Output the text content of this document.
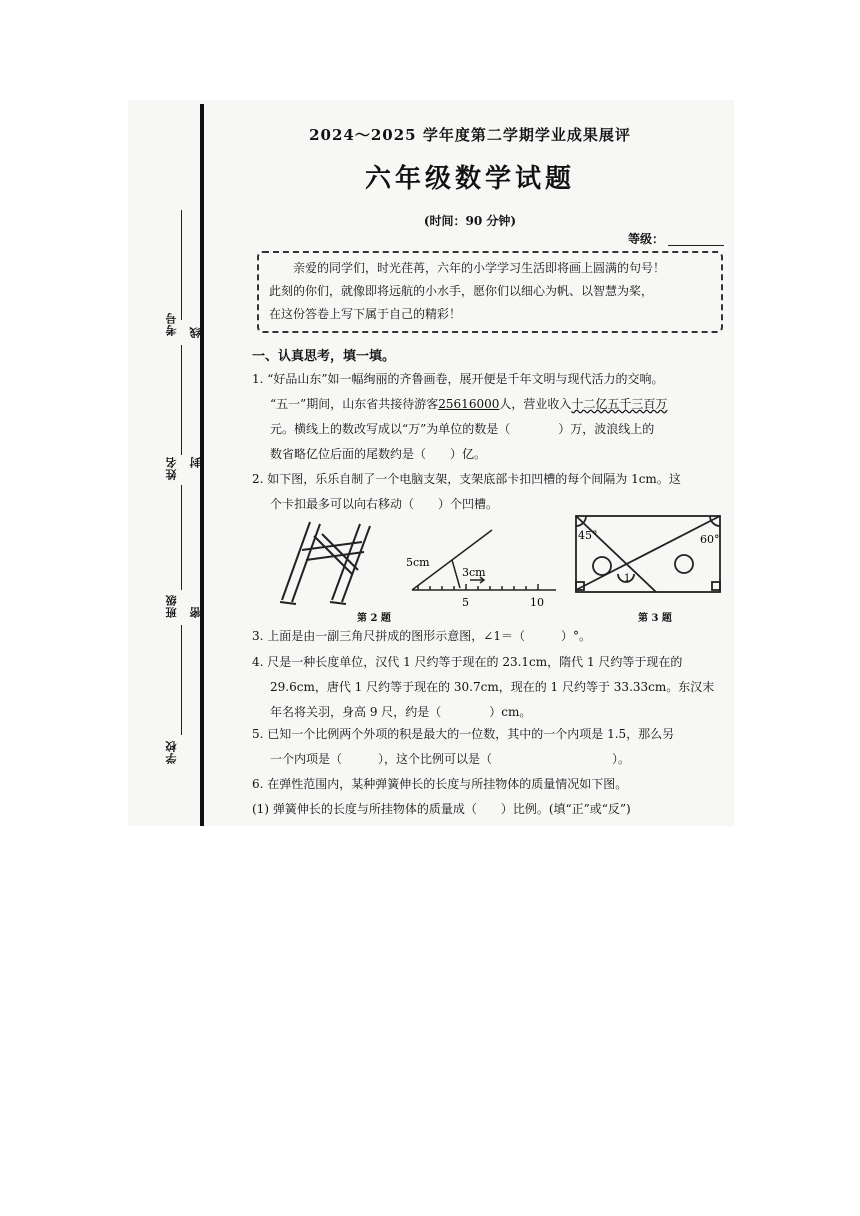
考号 线
姓名 封
班级 密
学校
2024～2025 学年度第二学期学业成果展评
六年级数学试题
(时间：90 分钟)
等级：

亲爱的同学们，时光荏苒，六年的小学学习生活即将画上圆满的句号！

此刻的你们，就像即将远航的小水手，愿你们以细心为帆、以智慧为桨，

在这份答卷上写下属于自己的精彩！

一、认真思考，填一填。
1. “好品山东”如一幅绚丽的齐鲁画卷，展开便是千年文明与现代活力的交响。
“五一”期间，山东省共接待游客25616000人，营业收入十二亿五千三百万
元。横线上的数改写成以“万”为单位的数是（　　　　）万，波浪线上的
数省略亿位后面的尾数约是（　　）亿。
2. 如下图，乐乐自制了一个电脑支架，支架底部卡扣凹槽的每个间隔为 1cm。这
个卡扣最多可以向右移动（　　）个凹槽。
5cm
3cm
5	10
第 2 题
45°	60°
1
第 3 题
3. 上面是由一副三角尺拼成的图形示意图，∠1＝（　　　）°。
4. 尺是一种长度单位，汉代 1 尺约等于现在的 23.1cm，隋代 1 尺约等于现在的
29.6cm，唐代 1 尺约等于现在的 30.7cm，现在的 1 尺约等于 33.33cm。东汉末
年名将关羽，身高 9 尺，约是（　　　　）cm。
5. 已知一个比例两个外项的积是最大的一位数，其中的一个内项是 1.5，那么另
一个内项是（　　　），这个比例可以是（　　　　　　　　　　）。
6. 在弹性范围内，某种弹簧伸长的长度与所挂物体的质量情况如下图。
(1) 弹簧伸长的长度与所挂物体的质量成（　　）比例。(填“正”或“反”)
